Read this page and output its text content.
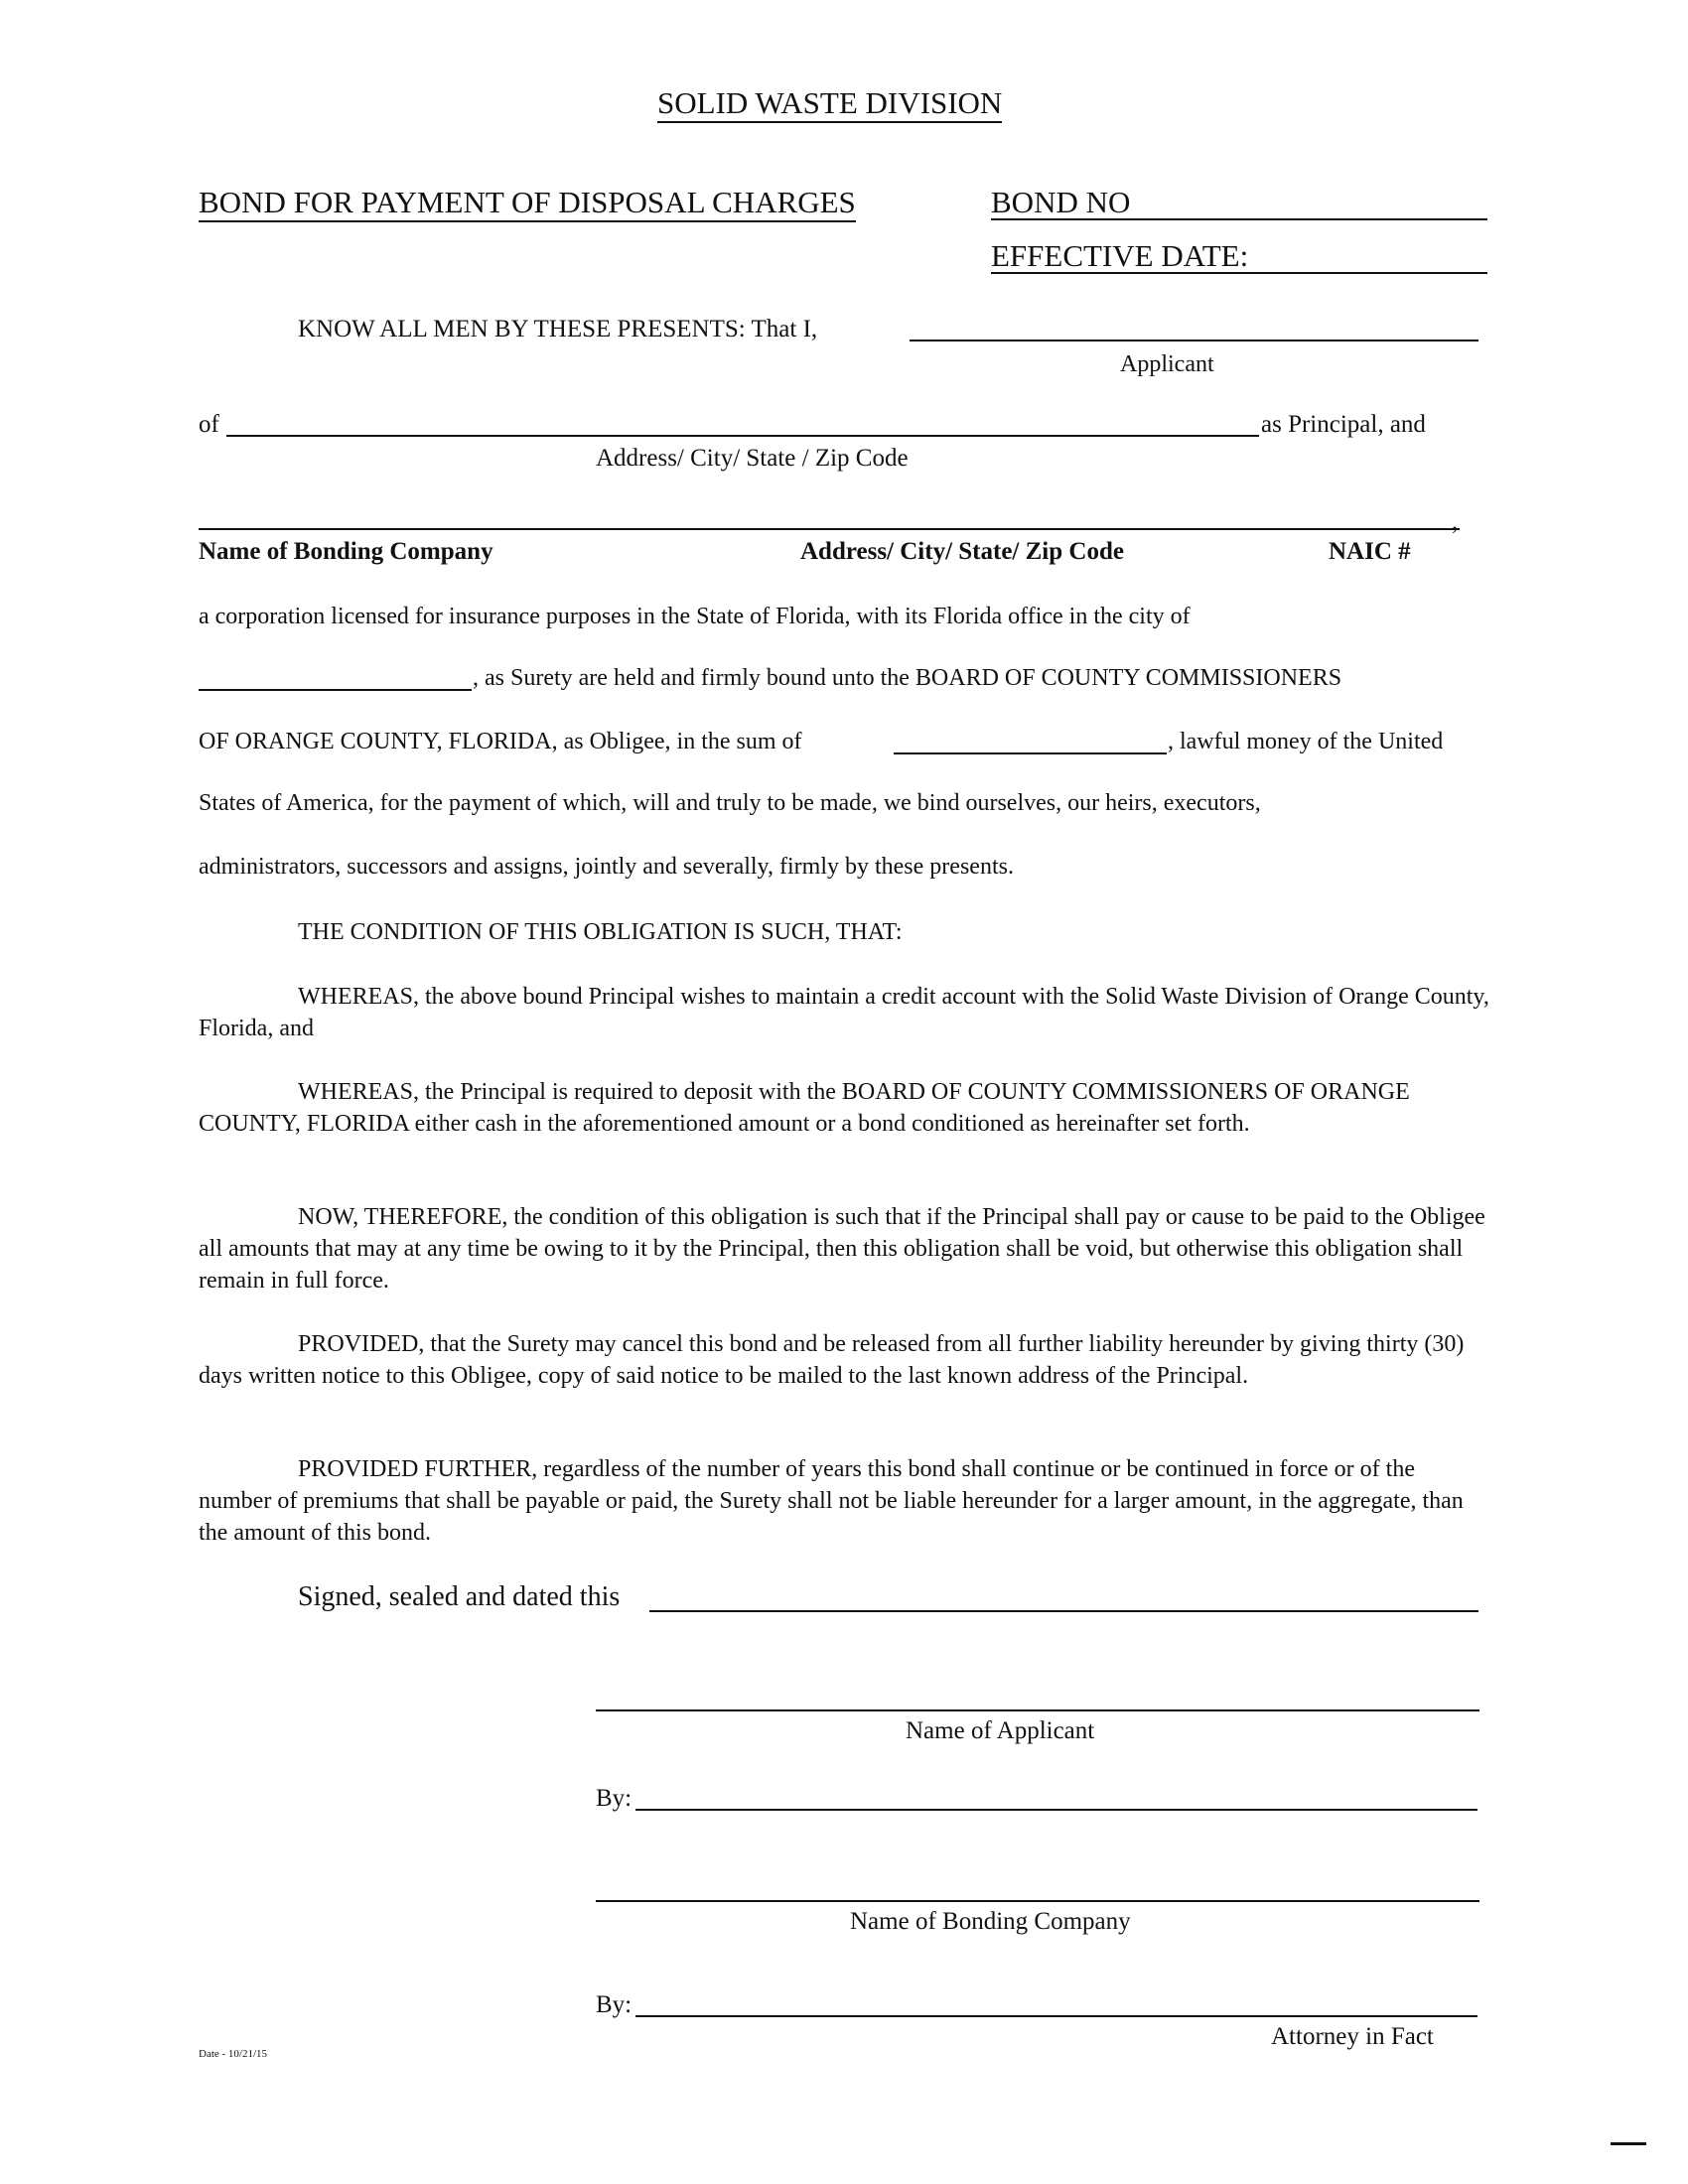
SOLID WASTE DIVISION
BOND FOR PAYMENT OF DISPOSAL CHARGES	BOND NO
EFFECTIVE DATE:
KNOW ALL MEN BY THESE PRESENTS: That I,
Applicant
of	as Principal, and
Address/ City/ State / Zip Code
,
Name of Bonding Company	Address/ City/ State/ Zip Code	NAIC #
a corporation licensed for insurance purposes in the State of Florida, with its Florida office in the city of
, as Surety are held and firmly bound unto the BOARD OF COUNTY COMMISSIONERS
OF ORANGE COUNTY, FLORIDA, as Obligee, in the sum of	, lawful money of the United
States of America, for the payment of which, will and truly to be made, we bind ourselves, our heirs, executors,
administrators, successors and assigns, jointly and severally, firmly by these presents.
THE CONDITION OF THIS OBLIGATION IS SUCH, THAT:
WHEREAS, the above bound Principal wishes to maintain a credit account with the Solid Waste Division of Orange County, Florida, and
WHEREAS, the Principal is required to deposit with the BOARD OF COUNTY COMMISSIONERS OF ORANGE COUNTY, FLORIDA either cash in the aforementioned amount or a bond conditioned as hereinafter set forth.
NOW, THEREFORE, the condition of this obligation is such that if the Principal shall pay or cause to be paid to the Obligee all amounts that may at any time be owing to it by the Principal, then this obligation shall be void, but otherwise this obligation shall remain in full force.
PROVIDED, that the Surety may cancel this bond and be released from all further liability hereunder by giving thirty (30) days written notice to this Obligee, copy of said notice to be mailed to the last known address of the Principal.
PROVIDED FURTHER, regardless of the number of years this bond shall continue or be continued in force or of the number of premiums that shall be payable or paid, the Surety shall not be liable hereunder for a larger amount, in the aggregate, than the amount of this bond.
Signed, sealed and dated this
Name of Applicant
By:
Name of Bonding Company
By:
Attorney in Fact
Date - 10/21/15
